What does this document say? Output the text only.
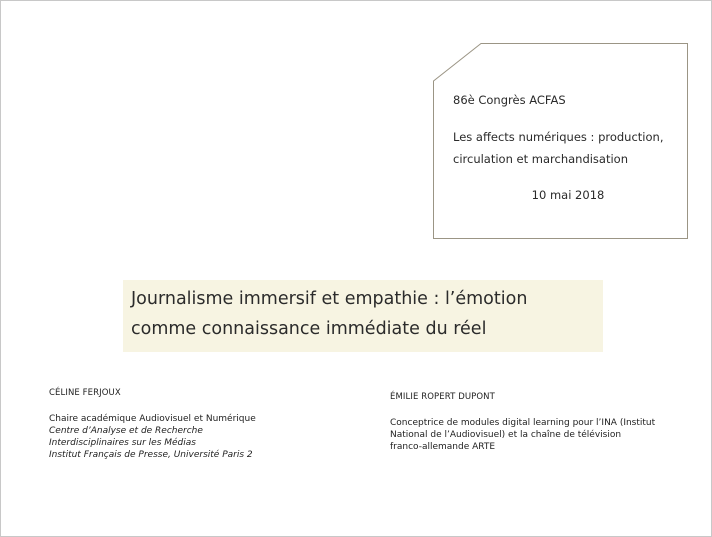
86è Congrès ACFAS
Les affects numériques : production,
circulation et marchandisation
10 mai 2018
Journalisme immersif et empathie : l’émotion
comme connaissance immédiate du réel
CÉLINE FERJOUX
Chaire académique Audiovisuel et Numérique
Centre d’Analyse et de Recherche
Interdisciplinaires sur les Médias
Institut Français de Presse, Université Paris 2
ÉMILIE ROPERT DUPONT
Conceptrice de modules digital learning pour l’INA (Institut
National de l’Audiovisuel) et la chaîne de télévision
franco-allemande ARTE
